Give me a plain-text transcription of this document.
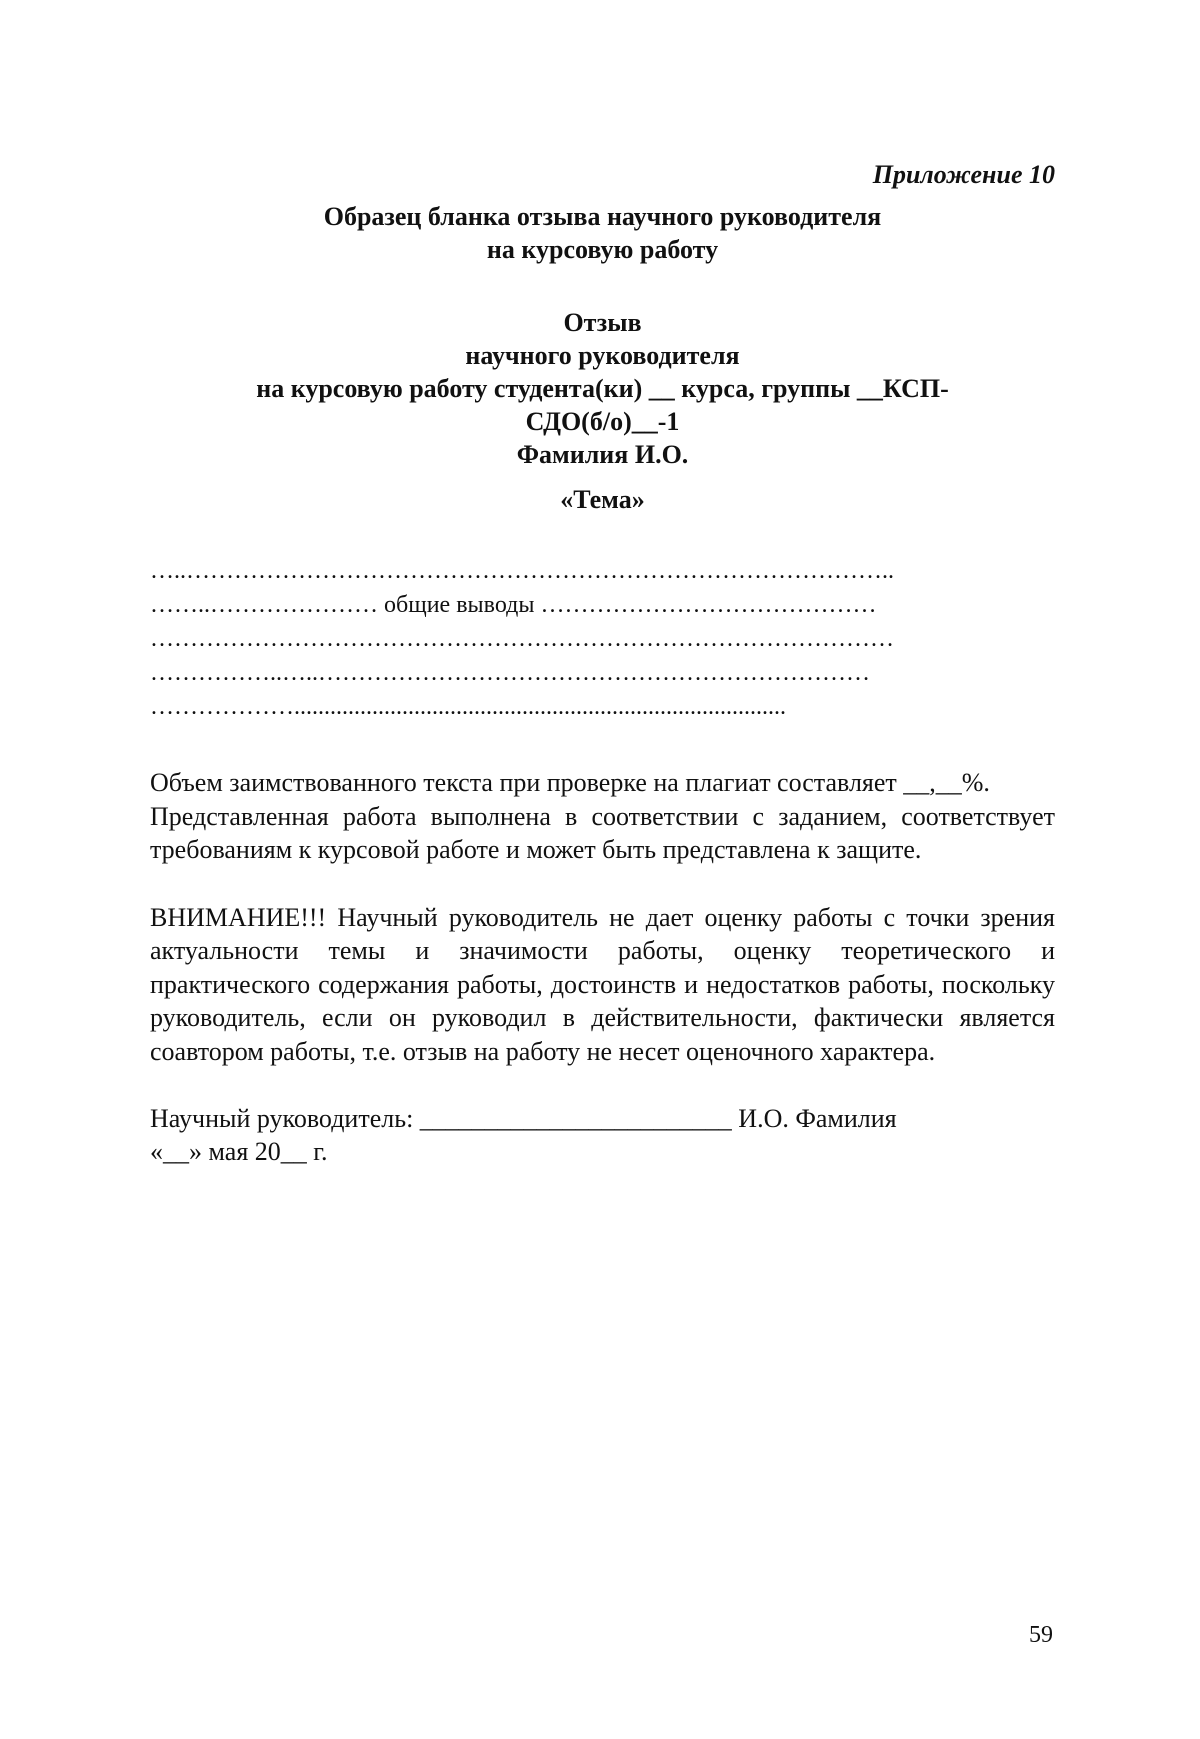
Приложение 10

Образец бланка отзыва научного руководителя

на курсовую работу

Отзыв

научного руководителя

на курсовую работу студента(ки) __ курса, группы __КСП-

СДО(б/о)__-1

Фамилия И.О.

«Тема»

…..……………………………………………………………………………..
……..………………… общие выводы ……………………………………
…………………………………………………………………………………
……………..…..……………………………………………………………
………………..................................................................................

Объем заимствованного текста при проверке на плагиат составляет __,__%.

Представленная работа выполнена в соответствии с заданием, соответствует требованиям к курсовой работе и может быть представлена к защите.

ВНИМАНИЕ!!! Научный руководитель не дает оценку работы с точки зрения актуальности темы и значимости работы, оценку теоретического и практического содержания работы, достоинств и недостатков работы, поскольку руководитель, если он руководил в действительности, фактически является соавтором работы, т.е. отзыв на работу не несет оценочного характера.

Научный руководитель: ________________________ И.О. Фамилия
«__» мая 20__ г.
59
